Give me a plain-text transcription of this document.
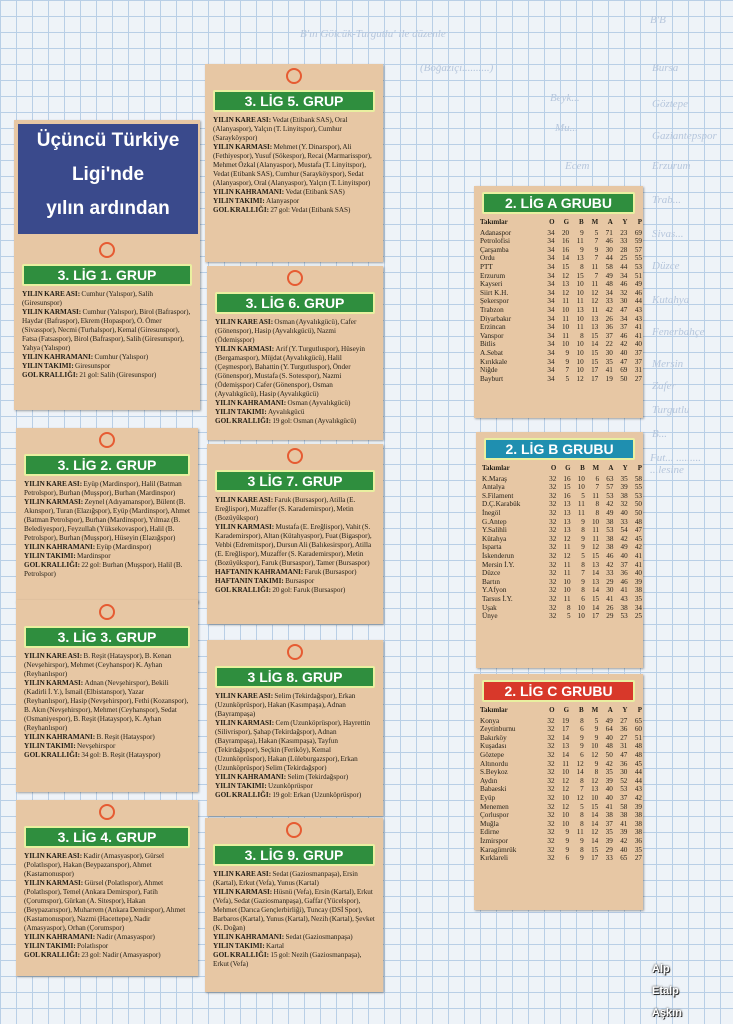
B'B
B'ın Gölcük-Turgutlu' ile düzenle
(Boğaziçi..........)
Beyk...
Bursa
Göztepe
Gaziantepspor
Mu...
Erzurum
Trab...
Ecem
Sivas...
Düzce
Kutahya
Fenerbahçe
Mersin
Zafer
Turgutlu
B...
Fut... ......... ...lesine
Üçüncü Türkiye
Ligi'nde
yılın ardından
3. LİG 1. GRUP

YILIN KARE ASI: Cumhur (Yalıspor), Salih (Giresunspor)

YILIN KARMASI: Cumhur (Yalıspor), Birol (Bafraspor), Haydar (Bafraspor), Ekrem (Hopaspor), Ö. Ömer (Sivasspor), Necmi (Turhalspor), Kemal (Giresunspor), Fatsa (Fatsaspor), Birol (Bafraspor), Salih (Giresunspor), Yahya (Yalıspor)

YILIN KAHRAMANI: Cumhur (Yalıspor)

YILIN TAKIMI: Giresunspor

GOL KRALLIĞI: 21 gol: Salih (Giresunspor)

3. LİG 2. GRUP

YILIN KARE ASI: Eyüp (Mardinspor), Halil (Batman Petrolspor), Burhan (Muşspor), Burhan (Mardinspor)

YILIN KARMASI: Zeynel (Adıyamanspor), Bülent (B. Akınspor), Turan (Elazığspor), Eyüp (Mardinspor), Ahmet (Batman Petrolspor), Burhan (Mardinspor), Yılmaz (B. Belediyespor), Feyzullah (Yüksekovaspor), Halil (B. Petrolspor), Burhan (Muşspor), Hüseyin (Elazığspor)

YILIN KAHRAMANI: Eyüp (Mardinspor)

YILIN TAKIMI: Mardinspor

GOL KRALLIĞI: 22 gol: Burhan (Muşspor), Halil (B. Petrolspor)

3. LİG 3. GRUP

YILIN KARE ASI: B. Reşit (Hatayspor), B. Kenan (Nevşehirspor), Mehmet (Ceyhanspor) K. Ayhan (Reyhanlıspor)

YILIN KARMASI: Adnan (Nevşehirspor), Bekili (Kadirli İ. Y.), İsmail (Elbistanspor), Yazar (Reyhanlıspor), Hasip (Nevşehirspor), Fethi (Kozanspor), B. Akın (Nevşehirspor), Mehmet (Ceyhanspor), Sedat (Osmaniyespor), B. Reşit (Hatayspor), K. Ayhan (Reyhanlıspor)

YILIN KAHRAMANI: B. Reşit (Hatayspor)

YILIN TAKIMI: Nevşehirspor

GOL KRALLIĞI: 34 gol: B. Reşit (Hatayspor)

3. LİG 4. GRUP

YILIN KARE ASI: Kadir (Amasyaspor), Gürsel (Polatlıspor), Hakan (Beypazarıspor), Ahmet (Kastamonuspor)

YILIN KARMASI: Gürsel (Polatlıspor), Ahmet (Polatlıspor), Temel (Ankara Demirspor), Fatih (Çorumspor), Gürkan (A. Sitespor), Hakan (Beypazarıspor), Muharrem (Ankara Demirspor), Ahmet (Kastamonuspor), Nazmi (Hacettepe), Nadir (Amasyaspor), Orhan (Çorumspor)

YILIN KAHRAMANI: Nadir (Amasyaspor)

YILIN TAKIMI: Polatlıspor

GOL KRALLIĞI: 23 gol: Nadir (Amasyaspor)

3. LİG 5. GRUP

YILIN KARE ASI: Vedat (Etibank SAS), Oral (Alanyaspor), Yalçın (T. Linyitspor), Cumhur (Sarayköyspor)

YILIN KARMASI: Mehmet (Y. Dinarspor), Ali (Fethiyespor), Yusuf (Sökespor), Recai (Marmarisspor), Mehmet Özkal (Alanyaspor), Mustafa (T. Linyitspor), Vedat (Etibank SAS), Cumhur (Sarayköyspor), Sedat (Alanyaspor), Oral (Alanyaspor), Yalçın (T. Linyitspor)

YILIN KAHRAMANI: Vedat (Etibank SAS)

YILIN TAKIMI: Alanyaspor

GOL KRALLIĞI: 27 gol: Vedat (Etibank SAS)

3. LİG 6. GRUP

YILIN KARE ASI: Osman (Ayvalıkgücü), Cafer (Gönenspor), Hasip (Ayvalıkgücü), Nazmi (Ödemişspor)

YILIN KARMASI: Arif (Y. Turgutluspor), Hüseyin (Bergamaspor), Müjdat (Ayvalıkgücü), Halil (Çeşmespor), Bahattin (Y. Turgutluspor), Önder (Gönenspor), Mustafa (S. Sotesspor), Nazmi (Ödemişspor) Cafer (Gönenspor), Osman (Ayvalıkgücü), Hasip (Ayvalıkgücü)

YILIN KAHRAMANI: Osman (Ayvalıkgücü)

YILIN TAKIMI: Ayvalıkgücü

GOL KRALLIĞI: 19 gol: Osman (Ayvalıkgücü)

3 LİG 7. GRUP

YILIN KARE ASI: Faruk (Bursaspor), Atilla (E. Ereğlispor), Muzaffer (S. Karademirspor), Metin (Bozüyükspor)

YILIN KARMASI: Mustafa (E. Ereğlispor), Vahit (S. Karademirspor), Altan (Kütahyaspor), Fuat (Bigaspor), Vehbi (Edremitspor), Dursun Ali (Balıkesirspor), Atilla (E. Ereğlispor), Muzaffer (S. Karademirspor), Metin (Bozüyükspor), Faruk (Bursaspor), Tamer (Bursaspor)

HAFTANIN KAHRAMANI: Faruk (Bursaspor)

HAFTANIN TAKIMI: Bursaspor

GOL KRALLIĞI: 20 gol: Faruk (Bursaspor)

3 LİG 8. GRUP

YILIN KARE ASI: Selim (Tekirdağspor), Erkan (Uzunköprüspor), Hakan (Kasımpaşa), Adnan (Bayrampaşa)

YILIN KARMASI: Cem (Uzunköprüspor), Hayrettin (Silivrispor), Şahap (Tekirdağspor), Adnan (Bayrampaşa), Hakan (Kasımpaşa), Tayfun (Tekirdağspor), Seçkin (Feriköy), Kemal (Uzunköprüspor), Hakan (Lüleburgazspor), Erkan (Uzunköprüspor) Selim (Tekirdağspor)

YILIN KAHRAMANI: Selim (Tekirdağspor)

YILIN TAKIMI: Uzunköprüspor

GOL KRALLIĞI: 19 gol: Erkan (Uzunköprüspor)

3. LİG 9. GRUP

YILIN KARE ASI: Sedat (Gaziosmanpaşa), Ersin (Kartal), Erkut (Vefa), Yunus (Kartal)

YILIN KARMASI: Hüsnü (Vefa), Ersin (Kartal), Erkut (Vefa), Sedat (Gaziosmanpaşa), Gaffar (Yücelspor), Mehmet (Darıca Gençlerbirliği), Tuncay (DSİ Spor), Barbaros (Kartal), Yunus (Kartal), Nezih (Kartal), Şevket (K. Doğan)

YILIN KAHRAMANI: Sedat (Gaziosmanpaşa)

YILIN TAKIMI: Kartal

GOL KRALLIĞI: 15 gol: Nezih (Gaziosmanpaşa), Erkut (Vefa)

2. LİG A GRUBU
Takımlar	O	G	B	M	A	Y	P
Adanaspor	34	20	9	5	71	23	69
Petrolofisi	34	16	11	7	46	33	59
Çarşamba	34	16	9	9	30	28	57
Ordu	34	14	13	7	44	25	55
PTT	34	15	8	11	58	44	53
Erzurum	34	12	15	7	49	34	51
Kayseri	34	13	10	11	48	46	49
Siirt K.H.	34	12	10	12	34	32	46
Şekerspor	34	11	11	12	33	30	44
Trabzon	34	10	13	11	42	47	43
Diyarbakır	34	11	10	13	26	34	43
Erzincan	34	10	11	13	36	37	41
Vanspor	34	11	8	15	37	46	41
Bitlis	34	10	10	14	22	42	40
A.Sebat	34	9	10	15	30	40	37
Kırıkkale	34	9	10	15	35	47	37
Niğde	34	7	10	17	41	69	31
Bayburt	34	5	12	17	19	50	27
2. LİG B GRUBU
Takımlar	O	G	B	M	A	Y	P
K.Maraş	32	16	10	6	63	35	58
Antalya	32	15	10	7	57	39	55
S.Filament	32	16	5	11	53	38	53
D.Ç.Karabük	32	13	11	8	42	32	50
İnegöl	32	13	11	8	49	40	50
G.Antep	32	13	9	10	38	33	48
Y.Salihli	32	13	8	11	53	54	47
Kütahya	32	12	9	11	38	42	45
Isparta	32	11	9	12	38	49	42
İskenderun	32	12	5	15	46	40	41
Mersin İ.Y.	32	11	8	13	42	37	41
Düzce	32	11	7	14	33	36	40
Bartın	32	10	9	13	29	46	39
Y.Afyon	32	10	8	14	30	41	38
Tarsus İ.Y.	32	11	6	15	41	43	35
Uşak	32	8	10	14	26	38	34
Ünye	32	5	10	17	29	53	25
2. LİG C GRUBU
Takımlar	O	G	B	M	A	Y	P
Konya	32	19	8	5	49	27	65
Zeytinburnu	32	17	6	9	64	36	60
Bakırköy	32	14	9	9	40	27	51
Kuşadası	32	13	9	10	48	31	48
Göztepe	32	14	6	12	50	47	48
Altınordu	32	11	12	9	42	36	45
S.Beykoz	32	10	14	8	35	30	44
Aydın	32	12	8	12	39	52	44
Babaeski	32	12	7	13	40	53	43
Eyüp	32	10	12	10	40	37	42
Menemen	32	12	5	15	41	58	39
Çorluspor	32	10	8	14	38	38	38
Muğla	32	10	8	14	37	41	38
Edirne	32	9	11	12	35	39	38
İzmirspor	32	9	9	14	39	42	36
Karagümrük	32	9	8	15	29	40	35
Kırklareli	32	6	9	17	33	65	27
Alp
Etalp
Aşkın
